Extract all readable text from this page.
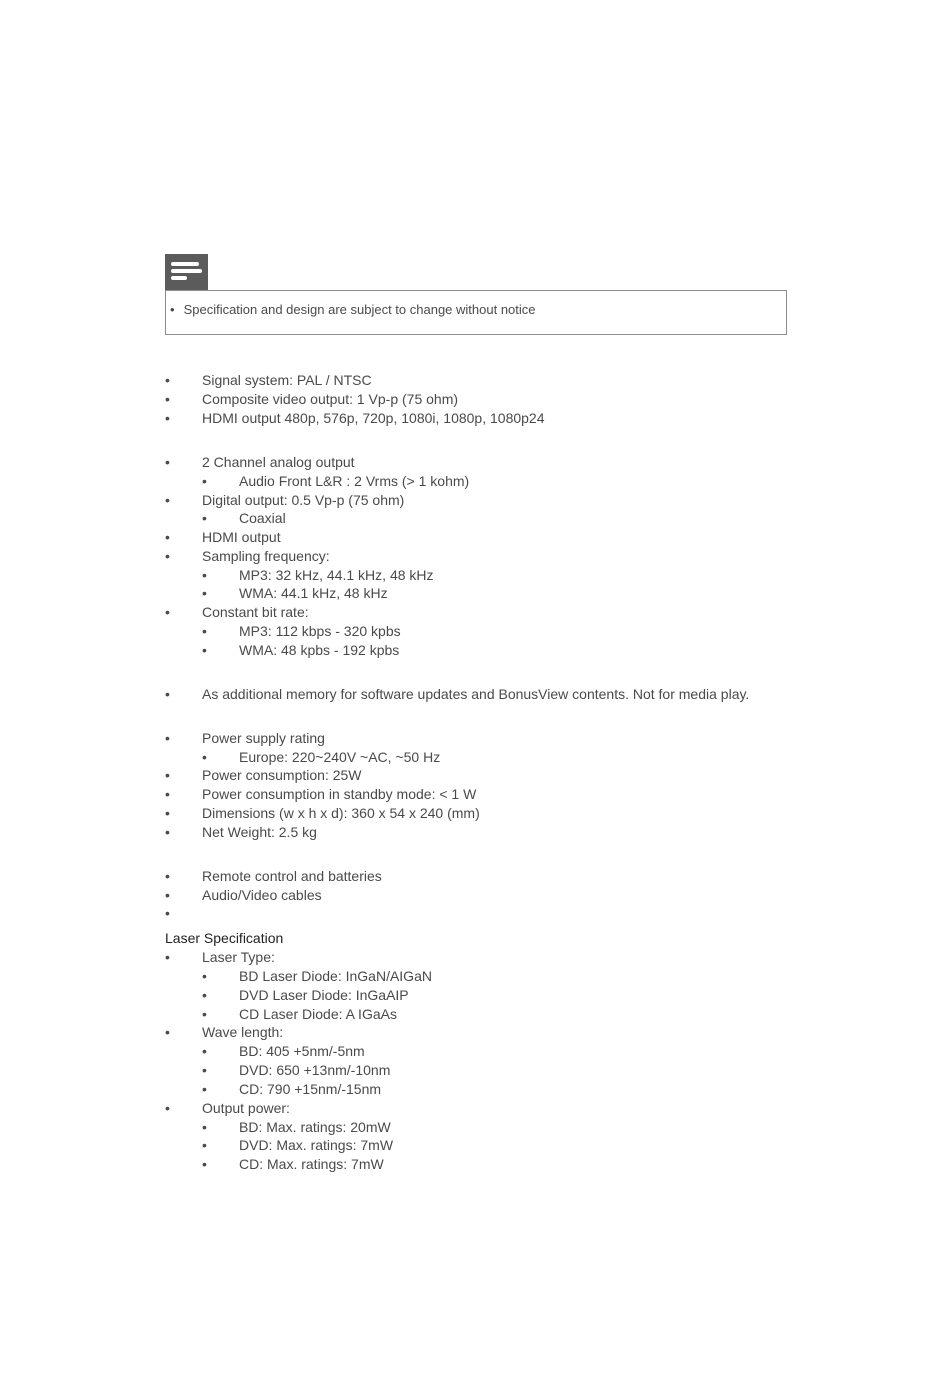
• Specification and design are subject to change without notice
• Signal system: PAL / NTSC
• Composite video output: 1 Vp-p (75 ohm)
• HDMI output 480p, 576p, 720p, 1080i, 1080p, 1080p24
• 2 Channel analog output
• Audio Front L&R : 2 Vrms (> 1 kohm)
• Digital output: 0.5 Vp-p (75 ohm)
• Coaxial
• HDMI output
• Sampling frequency:
• MP3: 32 kHz, 44.1 kHz, 48 kHz
• WMA: 44.1 kHz, 48 kHz
• Constant bit rate:
• MP3: 112 kbps - 320 kpbs
• WMA: 48 kpbs - 192 kpbs
• As additional memory for software updates and BonusView contents. Not for media play.
• Power supply rating
• Europe: 220~240V ~AC, ~50 Hz
• Power consumption: 25W
• Power consumption in standby mode: < 1 W
• Dimensions (w x h x d): 360 x 54 x 240 (mm)
• Net Weight: 2.5 kg
• Remote control and batteries
• Audio/Video cables
•
Laser Specification
• Laser Type:
• BD Laser Diode: InGaN/AIGaN
• DVD Laser Diode: InGaAIP
• CD Laser Diode: A IGaAs
• Wave length:
• BD: 405 +5nm/-5nm
• DVD: 650 +13nm/-10nm
• CD: 790 +15nm/-15nm
• Output power:
• BD: Max. ratings: 20mW
• DVD: Max. ratings: 7mW
• CD: Max. ratings: 7mW
